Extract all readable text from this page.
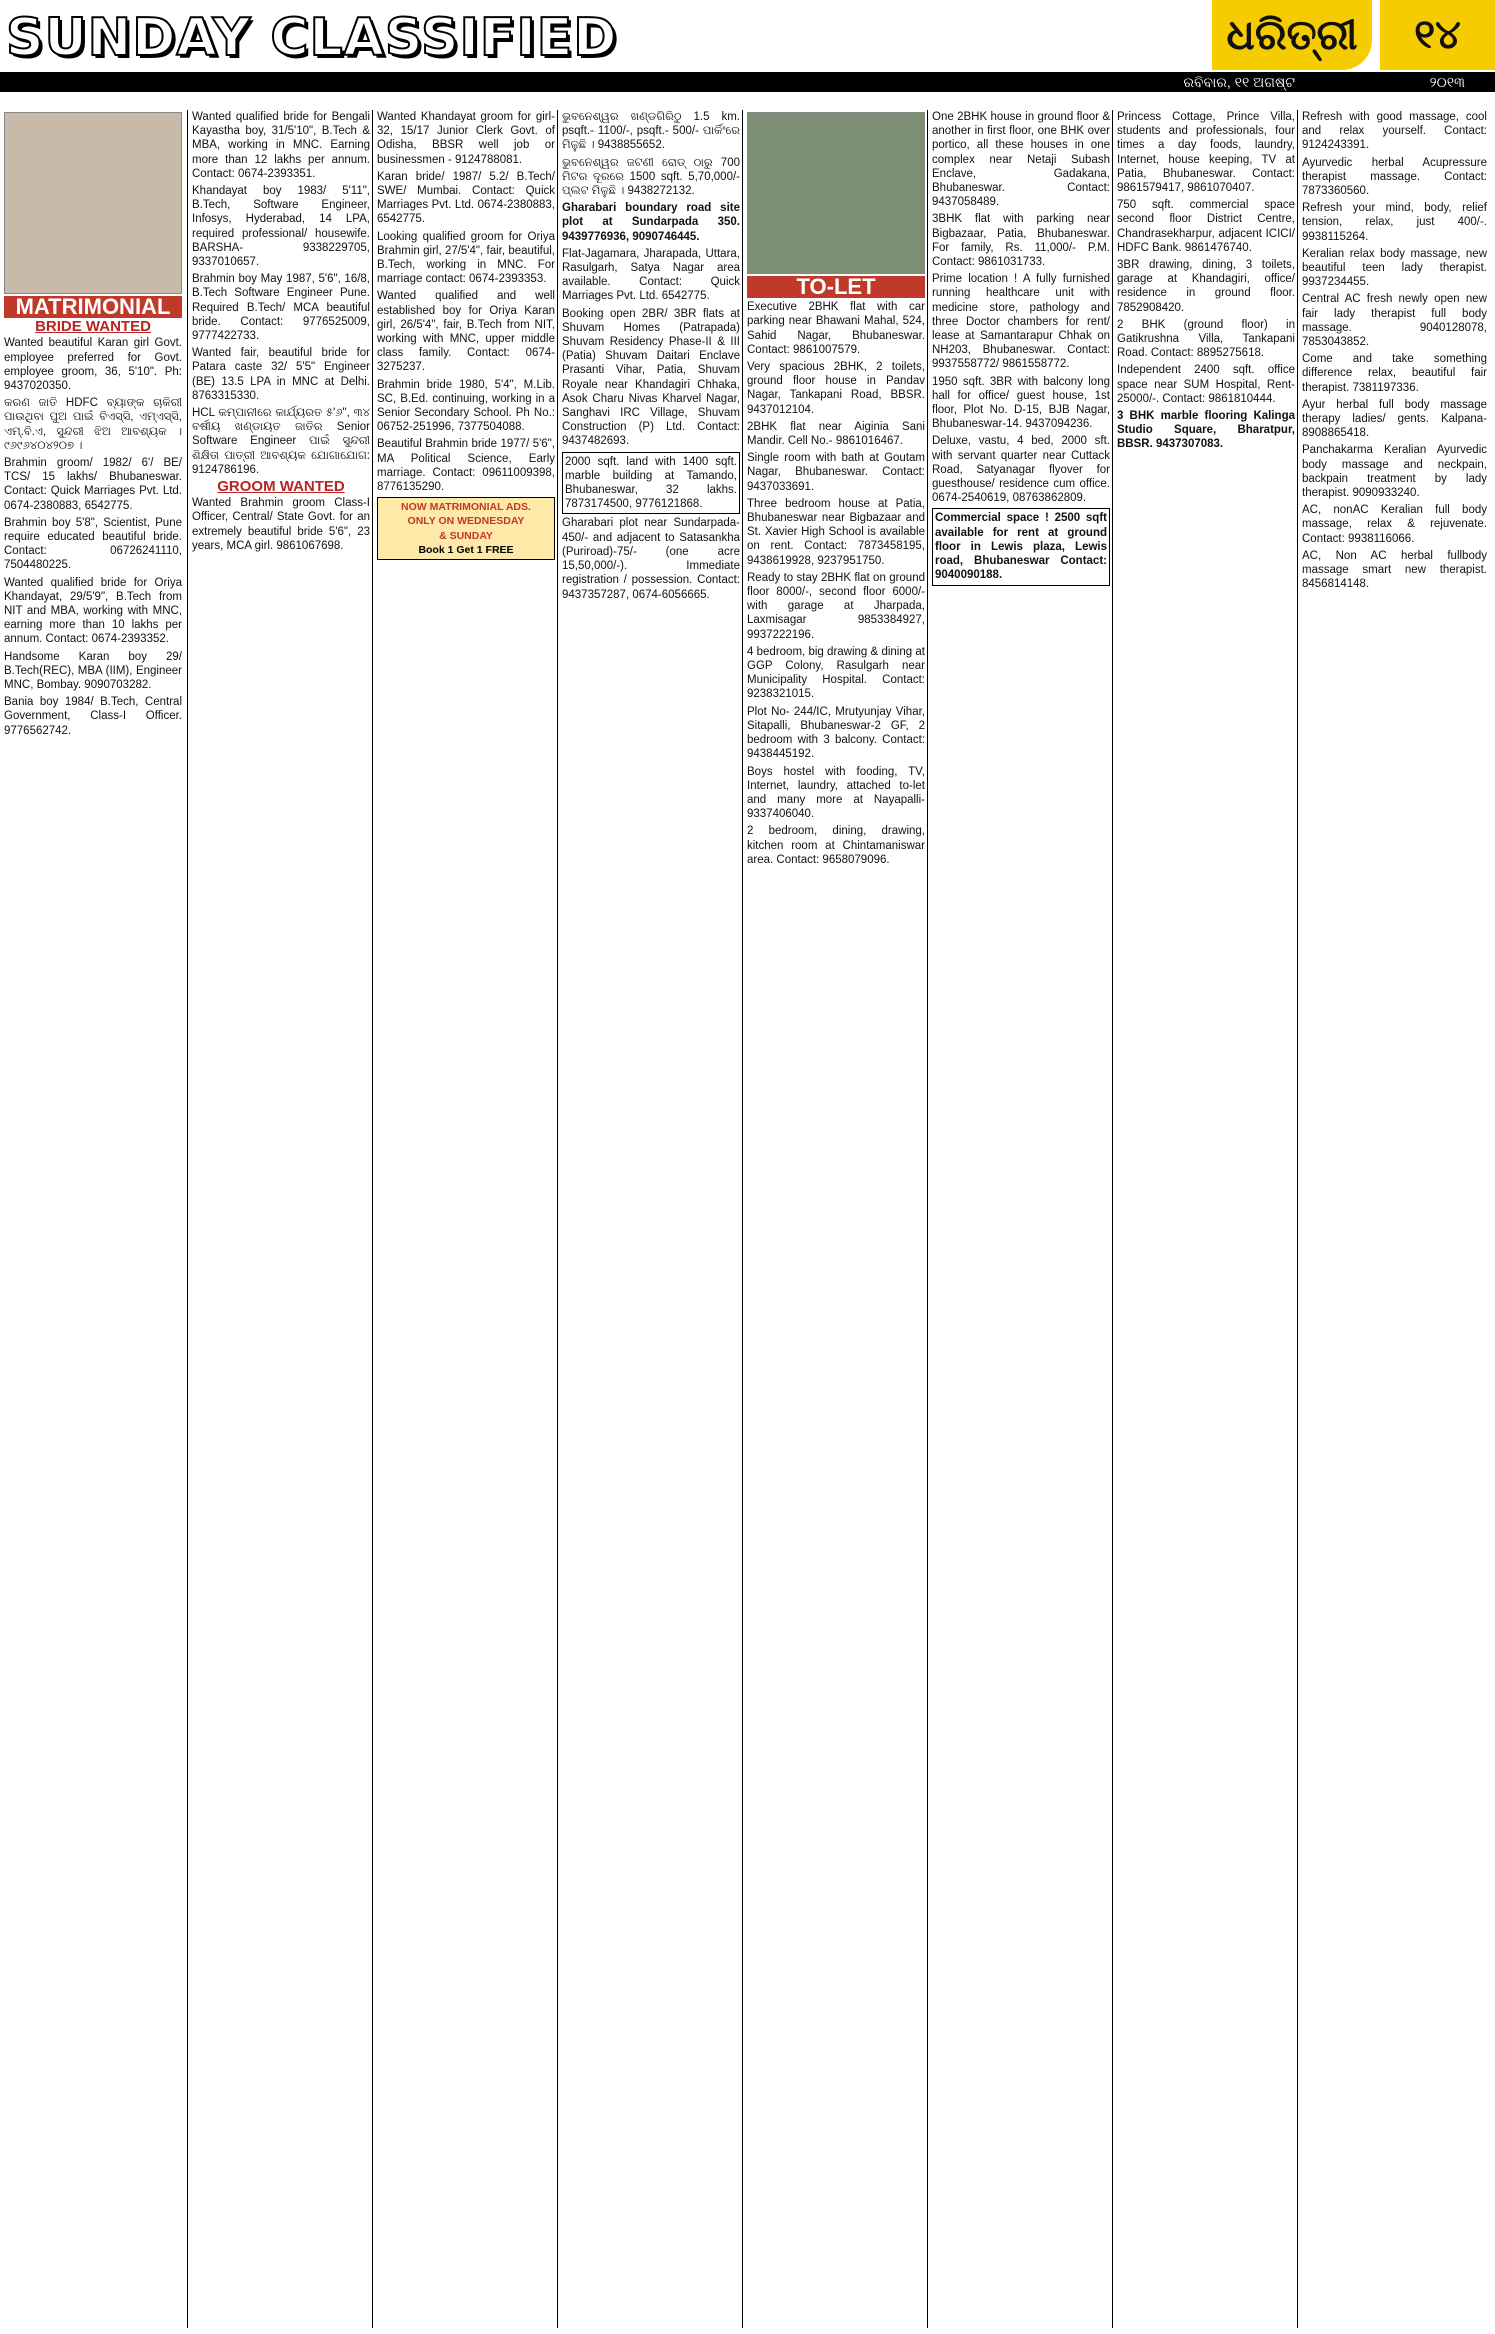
SUNDAY CLASSIFIED	ଧରିତ୍ରୀ	୧୪
ରବିବାର, ୧୧ ଅଗଷ୍ଟ	୨୦୧୩
MATRIMONIAL
BRIDE WANTED

Wanted beautiful Karan girl Govt. employee preferred for Govt. employee groom, 36, 5'10". Ph: 9437020350.

କରଣ ଜାତି HDFC ବ୍ୟାଙ୍କ ଚାକିରୀ ପାଉଥିବା ପୁଅ ପାଇଁ ବିଏସ୍‌ସି, ଏମ୍‌ଏସ୍‌ସି, ଏମ୍‌.ବି.ଏ, ସୁନ୍ଦରୀ ଝିଅ ଆବଶ୍ୟକ । ୯୬୯୬୪୦୪୨୦୭ ।

Brahmin groom/ 1982/ 6'/ BE/ TCS/ 15 lakhs/ Bhubaneswar. Contact: Quick Marriages Pvt. Ltd. 0674-2380883, 6542775.

Brahmin boy 5'8", Scientist, Pune require educated beautiful bride. Contact: 06726241110, 7504480225.

Wanted qualified bride for Oriya Khandayat, 29/5'9", B.Tech from NIT and MBA, working with MNC, earning more than 10 lakhs per annum. Contact: 0674-2393352.

Handsome Karan boy 29/ B.Tech(REC), MBA (IIM), Engineer MNC, Bombay. 9090703282.

Bania boy 1984/ B.Tech, Central Government, Class-I Officer. 9776562742.

Wanted qualified bride for Bengali Kayastha boy, 31/5'10", B.Tech & MBA, working in MNC. Earning more than 12 lakhs per annum. Contact: 0674-2393351.

Khandayat boy 1983/ 5'11", B.Tech, Software Engineer, Infosys, Hyderabad, 14 LPA, required professional/ housewife. BARSHA- 9338229705, 9337010657.

Brahmin boy May 1987, 5'6", 16/8, B.Tech Software Engineer Pune. Required B.Tech/ MCA beautiful bride. Contact: 9776525009, 9777422733.

Wanted fair, beautiful bride for Patara caste 32/ 5'5" Engineer (BE) 13.5 LPA in MNC at Delhi. 8763315330.

HCL କମ୍ପାନୀରେ କାର୍ଯ୍ୟରତ ୫'୬", ୩୪ ବର୍ଷୀୟ ଖଣ୍ଡାୟତ ଜାତିର Senior Software Engineer ପାଇଁ ସୁନ୍ଦରୀ ଶିକ୍ଷିତା ପାତ୍ରୀ ଆବଶ୍ୟକ ଯୋଗାଯୋଗ: 9124786196.

GROOM WANTED

Wanted Brahmin groom Class-I Officer, Central/ State Govt. for an extremely beautiful bride 5'6", 23 years, MCA girl. 9861067698.

Wanted Khandayat groom for girl-32, 15/17 Junior Clerk Govt. of Odisha, BBSR well job or businessmen - 9124788081.

Karan bride/ 1987/ 5.2/ B.Tech/ SWE/ Mumbai. Contact: Quick Marriages Pvt. Ltd. 0674-2380883, 6542775.

Looking qualified groom for Oriya Brahmin girl, 27/5'4", fair, beautiful, B.Tech, working in MNC. For marriage contact: 0674-2393353.

Wanted qualified and well established boy for Oriya Karan girl, 26/5'4", fair, B.Tech from NIT, working with MNC, upper middle class family. Contact: 0674-3275237.

Brahmin bride 1980, 5'4", M.Lib. SC, B.Ed. continuing, working in a Senior Secondary School. Ph No.: 06752-251996, 7377504088.

Beautiful Brahmin bride 1977/ 5'6", MA Political Science, Early marriage. Contact: 09611009398, 8776135290.

NOW MATRIMONIAL ADS.
ONLY ON WEDNESDAY
& SUNDAY
Book 1 Get 1 FREE

ଭୁବନେଶ୍ୱର ଖଣ୍ଡଗିରିଠୁ 1.5 km. psqft.- 1100/-, psqft.- 500/- ପାର୍କିଂରେ ମିଳୁଛି । 9438855652.

ଭୁବନେଶ୍ୱର ଜଟଣୀ ରୋଡ୍ ଠାରୁ 700 ମିଟର ଦୂରରେ 1500 sqft. 5,70,000/- ପ୍ଲଟ ମିଳୁଛି । 9438272132.

Gharabari boundary road site plot at Sundarpada 350. 9439776936, 9090746445.

Flat-Jagamara, Jharapada, Uttara, Rasulgarh, Satya Nagar area available. Contact: Quick Marriages Pvt. Ltd. 6542775.

Booking open 2BR/ 3BR flats at Shuvam Homes (Patrapada) Shuvam Residency Phase-II & III (Patia) Shuvam Daitari Enclave Prasanti Vihar, Patia, Shuvam Royale near Khandagiri Chhaka, Asok Charu Nivas Kharvel Nagar, Sanghavi IRC Village, Shuvam Construction (P) Ltd. Contact: 9437482693.

2000 sqft. land with 1400 sqft. marble building at Tamando, Bhubaneswar, 32 lakhs. 7873174500, 9776121868.

Gharabari plot near Sundarpada-450/- and adjacent to Satasankha (Puriroad)-75/- (one acre 15,50,000/-). Immediate registration / possession. Contact: 9437357287, 0674-6056665.

TO-LET

Executive 2BHK flat with car parking near Bhawani Mahal, 524, Sahid Nagar, Bhubaneswar. Contact: 9861007579.

Very spacious 2BHK, 2 toilets, ground floor house in Pandav Nagar, Tankapani Road, BBSR. 9437012104.

2BHK flat near Aiginia Sani Mandir. Cell No.- 9861016467.

Single room with bath at Goutam Nagar, Bhubaneswar. Contact: 9437033691.

Three bedroom house at Patia, Bhubaneswar near Bigbazaar and St. Xavier High School is available on rent. Contact: 7873458195, 9438619928, 9237951750.

Ready to stay 2BHK flat on ground floor 8000/-, second floor 6000/- with garage at Jharpada, Laxmisagar 9853384927, 9937222196.

4 bedroom, big drawing & dining at GGP Colony, Rasulgarh near Municipality Hospital. Contact: 9238321015.

Plot No- 244/IC, Mrutyunjay Vihar, Sitapalli, Bhubaneswar-2 GF, 2 bedroom with 3 balcony. Contact: 9438445192.

Boys hostel with fooding, TV, Internet, laundry, attached to-let and many more at Nayapalli-9337406040.

2 bedroom, dining, drawing, kitchen room at Chintamaniswar area. Contact: 9658079096.

One 2BHK house in ground floor & another in first floor, one BHK over portico, all these houses in one complex near Netaji Subash Enclave, Gadakana, Bhubaneswar. Contact: 9437058489.

3BHK flat with parking near Bigbazaar, Patia, Bhubaneswar. For family, Rs. 11,000/- P.M. Contact: 9861031733.

Prime location ! A fully furnished running healthcare unit with medicine store, pathology and three Doctor chambers for rent/ lease at Samantarapur Chhak on NH203, Bhubaneswar. Contact: 9937558772/ 9861558772.

1950 sqft. 3BR with balcony long hall for office/ guest house, 1st floor, Plot No. D-15, BJB Nagar, Bhubaneswar-14. 9437094236.

Deluxe, vastu, 4 bed, 2000 sft. with servant quarter near Cuttack Road, Satyanagar flyover for guesthouse/ residence cum office. 0674-2540619, 08763862809.

Commercial space ! 2500 sqft available for rent at ground floor in Lewis plaza, Lewis road, Bhubaneswar Contact: 9040090188.

Princess Cottage, Prince Villa, students and professionals, four times a day foods, laundry, Internet, house keeping, TV at Patia, Bhubaneswar. Contact: 9861579417, 9861070407.

750 sqft. commercial space second floor District Centre, Chandrasekharpur, adjacent ICICI/ HDFC Bank. 9861476740.

3BR drawing, dining, 3 toilets, garage at Khandagiri, office/ residence in ground floor. 7852908420.

2 BHK (ground floor) in Gatikrushna Villa, Tankapani Road. Contact: 8895275618.

Independent 2400 sqft. office space near SUM Hospital, Rent- 25000/-. Contact: 9861810444.

3 BHK marble flooring Kalinga Studio Square, Bharatpur, BBSR. 9437307083.

Refresh with good massage, cool and relax yourself. Contact: 9124243391.

Ayurvedic herbal Acupressure therapist massage. Contact: 7873360560.

Refresh your mind, body, relief tension, relax, just 400/-. 9938115264.

Keralian relax body massage, new beautiful teen lady therapist. 9937234455.

Central AC fresh newly open new fair lady therapist full body massage. 9040128078, 7853043852.

Come and take something difference relax, beautiful fair therapist. 7381197336.

Ayur herbal full body massage therapy ladies/ gents. Kalpana- 8908865418.

Panchakarma Keralian Ayurvedic body massage and neckpain, backpain treatment by lady therapist. 9090933240.

AC, nonAC Keralian full body massage, relax & rejuvenate. Contact: 9938116066.

AC, Non AC herbal fullbody massage smart new therapist. 8456814148.
